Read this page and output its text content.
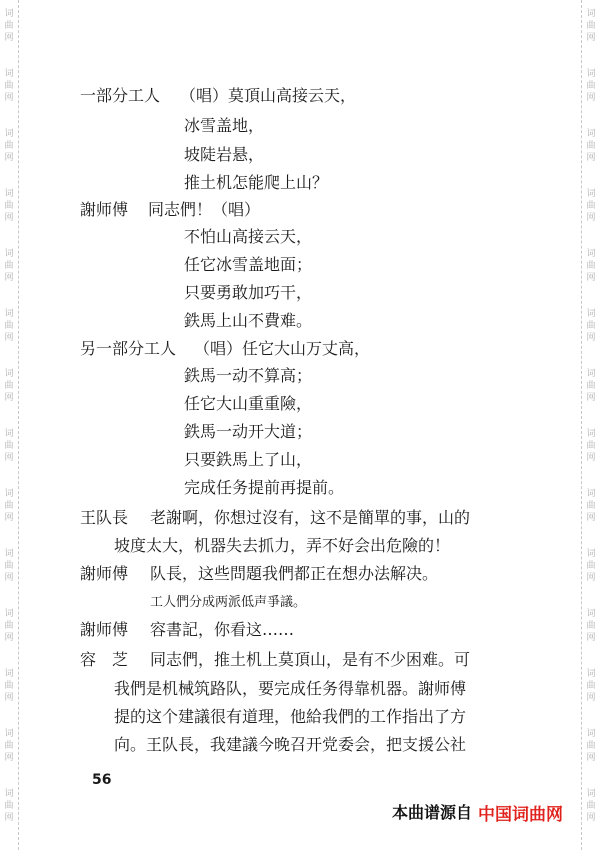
词
曲
网
词
曲
网
词
曲
网
词
曲
网
词
曲
网
词
曲
网
词
曲
网
词
曲
网
词
曲
网
词
曲
网
词
曲
网
词
曲
网
词
曲
网
词
曲
网
词
曲
网
词
曲
网
词
曲
网
词
曲
网
词
曲
网
词
曲
网
词
曲
网
词
曲
网
词
曲
网
词
曲
网
词
曲
网
词
曲
网
词
曲
网
词
曲
网
一部分工人 （唱）莫頂山高接云天，
冰雪盖地，
坡陡岩悬，
推土机怎能爬上山？
謝师傅 同志們！（唱）
不怕山高接云天，
任它冰雪盖地面；
只要勇敢加巧干，
鉄馬上山不費难。
另一部分工人 （唱）任它大山万丈高，
鉄馬一动不算高；
任它大山重重險，
鉄馬一动开大道；
只要鉄馬上了山，
完成任务提前再提前。
王队長 老謝啊，你想过沒有，这不是簡單的事，山的
坡度太大，机器失去抓力，弄不好会出危險的！
謝师傅 队長，这些問題我們都正在想办法解决。
工人們分成两派低声爭議。
謝师傅 容書記，你看这……
容　芝 同志們，推土机上莫頂山，是有不少困难。可
我們是机械筑路队，要完成任务得靠机器。謝师傅
提的这个建議很有道理，他給我們的工作指出了方
向。王队長，我建議今晚召开党委会，把支援公社
56
本曲谱源自 中国词曲网
